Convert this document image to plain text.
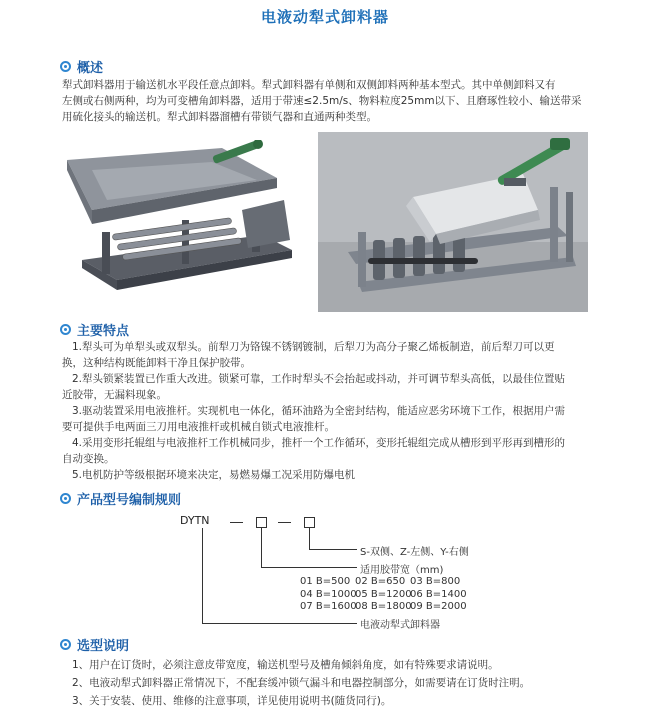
电液动犁式卸料器
概述
犁式卸料器用于输送机水平段任意点卸料。犁式卸料器有单侧和双侧卸料两种基本型式。其中单侧卸料又有
左侧或右侧两种，均为可变槽角卸料器，适用于带速≤2.5m/s、物料粒度25mm以下、且磨琢性较小、输送带采
用硫化接头的输送机。犁式卸料器溜槽有带锁气器和直通两种类型。
主要特点
1.犁头可为单犁头或双犁头。前犁刀为铬镍不锈钢镀制，后犁刀为高分子聚乙烯板制造，前后犁刀可以更
换，这种结构既能卸料干净且保护胶带。
2.犁头锁紧装置已作重大改进。锁紧可靠，工作时犁头不会抬起或抖动，并可调节犁头高低，以最佳位置贴
近胶带，无漏料现象。
3.驱动装置采用电液推杆。实现机电一体化，循环油路为全密封结构，能适应恶劣环境下工作，根据用户需
要可提供手电两面三刀用电液推杆或机械自锁式电液推杆。
4.采用变形托辊组与电液推杆工作机械同步，推杆一个工作循环，变形托辊组完成从槽形到平形再到槽形的
自动变换。
5.电机防护等级根据环境来决定，易燃易爆工况采用防爆电机
产品型号编制规则
DYTN
S-双侧、Z-左侧、Y-右侧
适用胶带宽（mm)
01 B=500 02 B=650 03 B=800
04 B=1000
05 B=1200
06 B=1400
07 B=1600
08 B=1800
09 B=2000
电液动犁式卸料器
选型说明
1、用户在订货时，必须注意皮带宽度，输送机型号及槽角倾斜角度，如有特殊要求请说明。
2、电液动犁式卸料器正常情况下，不配套缓冲锁气漏斗和电器控制部分，如需要请在订货时注明。
3、关于安装、使用、维修的注意事项，详见使用说明书(随货同行)。
